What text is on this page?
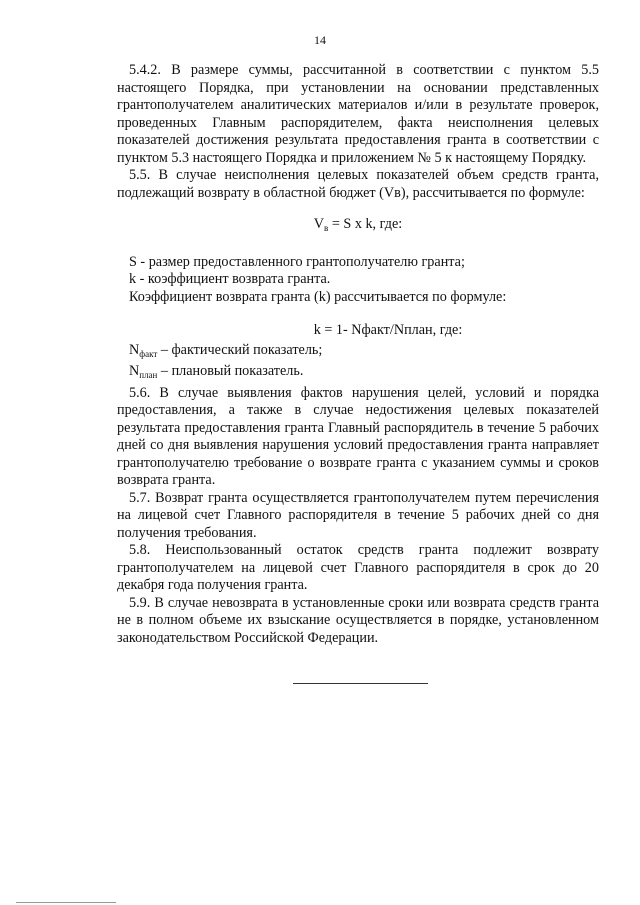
14
5.4.2. В размере суммы, рассчитанной в соответствии с пунктом 5.5 настоящего Порядка, при установлении на основании представленных грантополучателем аналитических материалов и/или в результате проверок, проведенных Главным распорядителем, факта неисполнения целевых показателей достижения результата предоставления гранта в соответствии с пунктом 5.3 настоящего Порядка и приложением № 5 к настоящему Порядку.
5.5. В случае неисполнения целевых показателей объем средств гранта, подлежащий возврату в областной бюджет (Vв), рассчитывается по формуле:
$V_в = S$ x k, где:
S - размер предоставленного грантополучателю гранта;
k - коэффициент возврата гранта.
Коэффициент возврата гранта (k) рассчитывается по формуле:
k = 1- Nфакт/Nплан, где:
$N_{факт}$ – фактический показатель;
$N_{план}$ – плановый показатель.
5.6. В случае выявления фактов нарушения целей, условий и порядка предоставления, а также в случае недостижения целевых показателей результата предоставления гранта Главный распорядитель в течение 5 рабочих дней со дня выявления нарушения условий предоставления гранта направляет грантополучателю требование о возврате гранта с указанием суммы и сроков возврата гранта.
5.7. Возврат гранта осуществляется грантополучателем путем перечисления на лицевой счет Главного распорядителя в течение 5 рабочих дней со дня получения требования.
5.8. Неиспользованный остаток средств гранта подлежит возврату грантополучателем на лицевой счет Главного распорядителя в срок до 20 декабря года получения гранта.
5.9. В случае невозврата в установленные сроки или возврата средств гранта не в полном объеме их взыскание осуществляется в порядке, установленном законодательством Российской Федерации.
